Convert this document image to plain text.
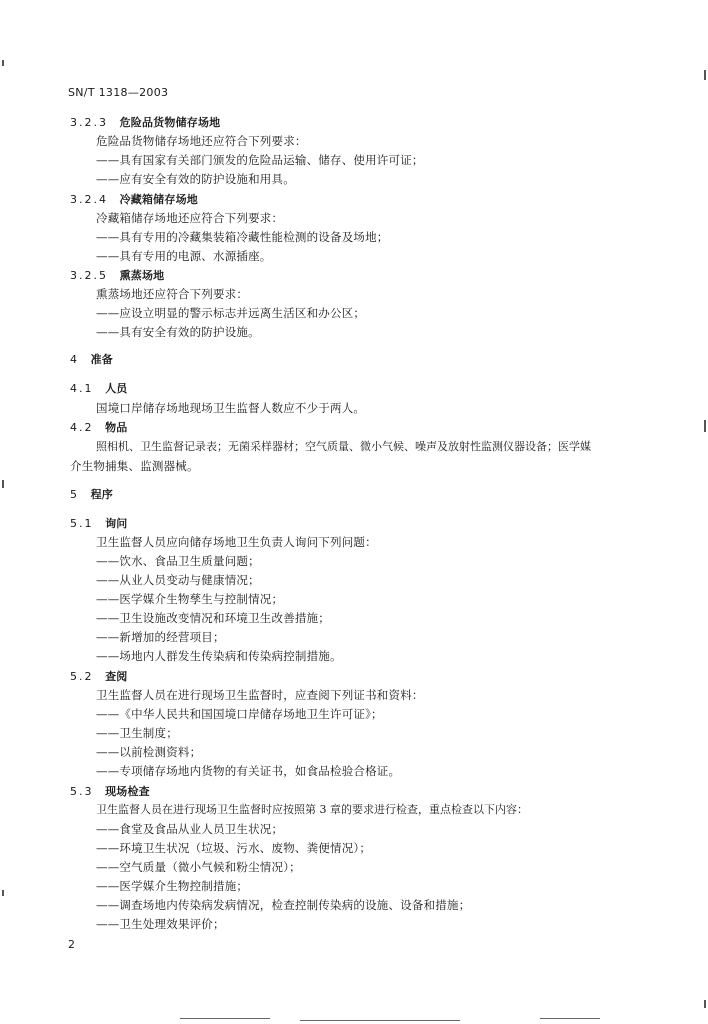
SN/T 1318—2003
3.2.3 危险品货物储存场地
危险品货物储存场地还应符合下列要求：
——具有国家有关部门颁发的危险品运输、储存、使用许可证；
——应有安全有效的防护设施和用具。
3.2.4 冷藏箱储存场地
冷藏箱储存场地还应符合下列要求：
——具有专用的冷藏集装箱冷藏性能检测的设备及场地；
——具有专用的电源、水源插座。
3.2.5 熏蒸场地
熏蒸场地还应符合下列要求：
——应设立明显的警示标志并远离生活区和办公区；
——具有安全有效的防护设施。
4 准备
4.1 人员
国境口岸储存场地现场卫生监督人数应不少于两人。
4.2 物品
照相机、卫生监督记录表；无菌采样器材；空气质量、微小气候、噪声及放射性监测仪器设备；医学媒
介生物捕集、监测器械。
5 程序
5.1 询问
卫生监督人员应向储存场地卫生负责人询问下列问题：
——饮水、食品卫生质量问题；
——从业人员变动与健康情况；
——医学媒介生物孳生与控制情况；
——卫生设施改变情况和环境卫生改善措施；
——新增加的经营项目；
——场地内人群发生传染病和传染病控制措施。
5.2 查阅
卫生监督人员在进行现场卫生监督时，应查阅下列证书和资料：
——《中华人民共和国国境口岸储存场地卫生许可证》；
——卫生制度；
——以前检测资料；
——专项储存场地内货物的有关证书，如食品检验合格证。
5.3 现场检查
卫生监督人员在进行现场卫生监督时应按照第 3 章的要求进行检查，重点检查以下内容：
——食堂及食品从业人员卫生状况；
——环境卫生状况（垃圾、污水、废物、粪便情况）；
——空气质量（微小气候和粉尘情况）；
——医学媒介生物控制措施；
——调查场地内传染病发病情况，检查控制传染病的设施、设备和措施；
——卫生处理效果评价；
2
